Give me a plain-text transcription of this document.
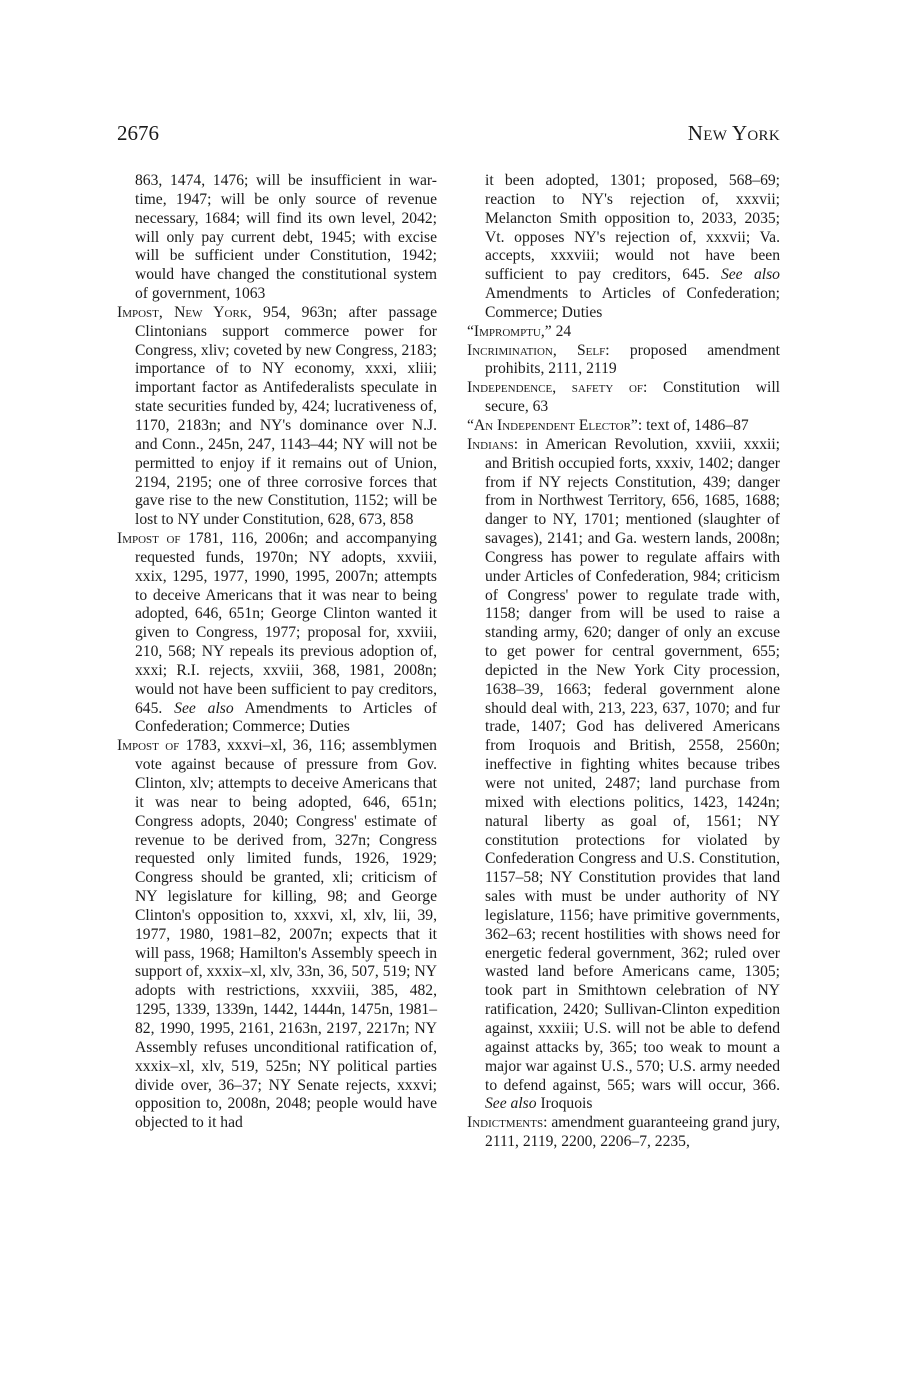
2676	New York

863, 1474, 1476; will be insufficient in war-time, 1947; will be only source of revenue necessary, 1684; will find its own level, 2042; will only pay current debt, 1945; with excise will be sufficient under Constitution, 1942; would have changed the constitutional system of government, 1063

Impost, New York, 954, 963n; after passage Clintonians support commerce power for Congress, xliv; coveted by new Congress, 2183; importance of to NY economy, xxxi, xliii; important factor as Antifederalists speculate in state securities funded by, 424; lucrativeness of, 1170, 2183n; and NY's dominance over N.J. and Conn., 245n, 247, 1143–44; NY will not be permitted to enjoy if it remains out of Union, 2194, 2195; one of three corrosive forces that gave rise to the new Constitution, 1152; will be lost to NY under Constitution, 628, 673, 858

Impost of 1781, 116, 2006n; and accompanying requested funds, 1970n; NY adopts, xxviii, xxix, 1295, 1977, 1990, 1995, 2007n; attempts to deceive Americans that it was near to being adopted, 646, 651n; George Clinton wanted it given to Congress, 1977; proposal for, xxviii, 210, 568; NY repeals its previous adoption of, xxxi; R.I. rejects, xxviii, 368, 1981, 2008n; would not have been sufficient to pay creditors, 645. See also Amendments to Articles of Confederation; Commerce; Duties

Impost of 1783, xxxvi–xl, 36, 116; assemblymen vote against because of pressure from Gov. Clinton, xlv; attempts to deceive Americans that it was near to being adopted, 646, 651n; Congress adopts, 2040; Congress' estimate of revenue to be derived from, 327n; Congress requested only limited funds, 1926, 1929; Congress should be granted, xli; criticism of NY legislature for killing, 98; and George Clinton's opposition to, xxxvi, xl, xlv, lii, 39, 1977, 1980, 1981–82, 2007n; expects that it will pass, 1968; Hamilton's Assembly speech in support of, xxxix–xl, xlv, 33n, 36, 507, 519; NY adopts with restrictions, xxxviii, 385, 482, 1295, 1339, 1339n, 1442, 1444n, 1475n, 1981–82, 1990, 1995, 2161, 2163n, 2197, 2217n; NY Assembly refuses unconditional ratification of, xxxix–xl, xlv, 519, 525n; NY political parties divide over, 36–37; NY Senate rejects, xxxvi; opposition to, 2008n, 2048; people would have objected to it had

it been adopted, 1301; proposed, 568–69; reaction to NY's rejection of, xxxvii; Melancton Smith opposition to, 2033, 2035; Vt. opposes NY's rejection of, xxxvii; Va. accepts, xxxviii; would not have been sufficient to pay creditors, 645. See also Amendments to Articles of Confederation; Commerce; Duties

“Impromptu,” 24

Incrimination, Self: proposed amendment prohibits, 2111, 2119

Independence, safety of: Constitution will secure, 63

“An Independent Elector”: text of, 1486–87

Indians: in American Revolution, xxviii, xxxii; and British occupied forts, xxxiv, 1402; danger from if NY rejects Constitution, 439; danger from in Northwest Territory, 656, 1685, 1688; danger to NY, 1701; mentioned (slaughter of savages), 2141; and Ga. western lands, 2008n; Congress has power to regulate affairs with under Articles of Confederation, 984; criticism of Congress' power to regulate trade with, 1158; danger from will be used to raise a standing army, 620; danger of only an excuse to get power for central government, 655; depicted in the New York City procession, 1638–39, 1663; federal government alone should deal with, 213, 223, 637, 1070; and fur trade, 1407; God has delivered Americans from Iroquois and British, 2558, 2560n; ineffective in fighting whites because tribes were not united, 2487; land purchase from mixed with elections politics, 1423, 1424n; natural liberty as goal of, 1561; NY constitution protections for violated by Confederation Congress and U.S. Constitution, 1157–58; NY Constitution provides that land sales with must be under authority of NY legislature, 1156; have primitive governments, 362–63; recent hostilities with shows need for energetic federal government, 362; ruled over wasted land before Americans came, 1305; took part in Smithtown celebration of NY ratification, 2420; Sullivan-Clinton expedition against, xxxiii; U.S. will not be able to defend against attacks by, 365; too weak to mount a major war against U.S., 570; U.S. army needed to defend against, 565; wars will occur, 366. See also Iroquois

Indictments: amendment guaranteeing grand jury, 2111, 2119, 2200, 2206–7, 2235,
